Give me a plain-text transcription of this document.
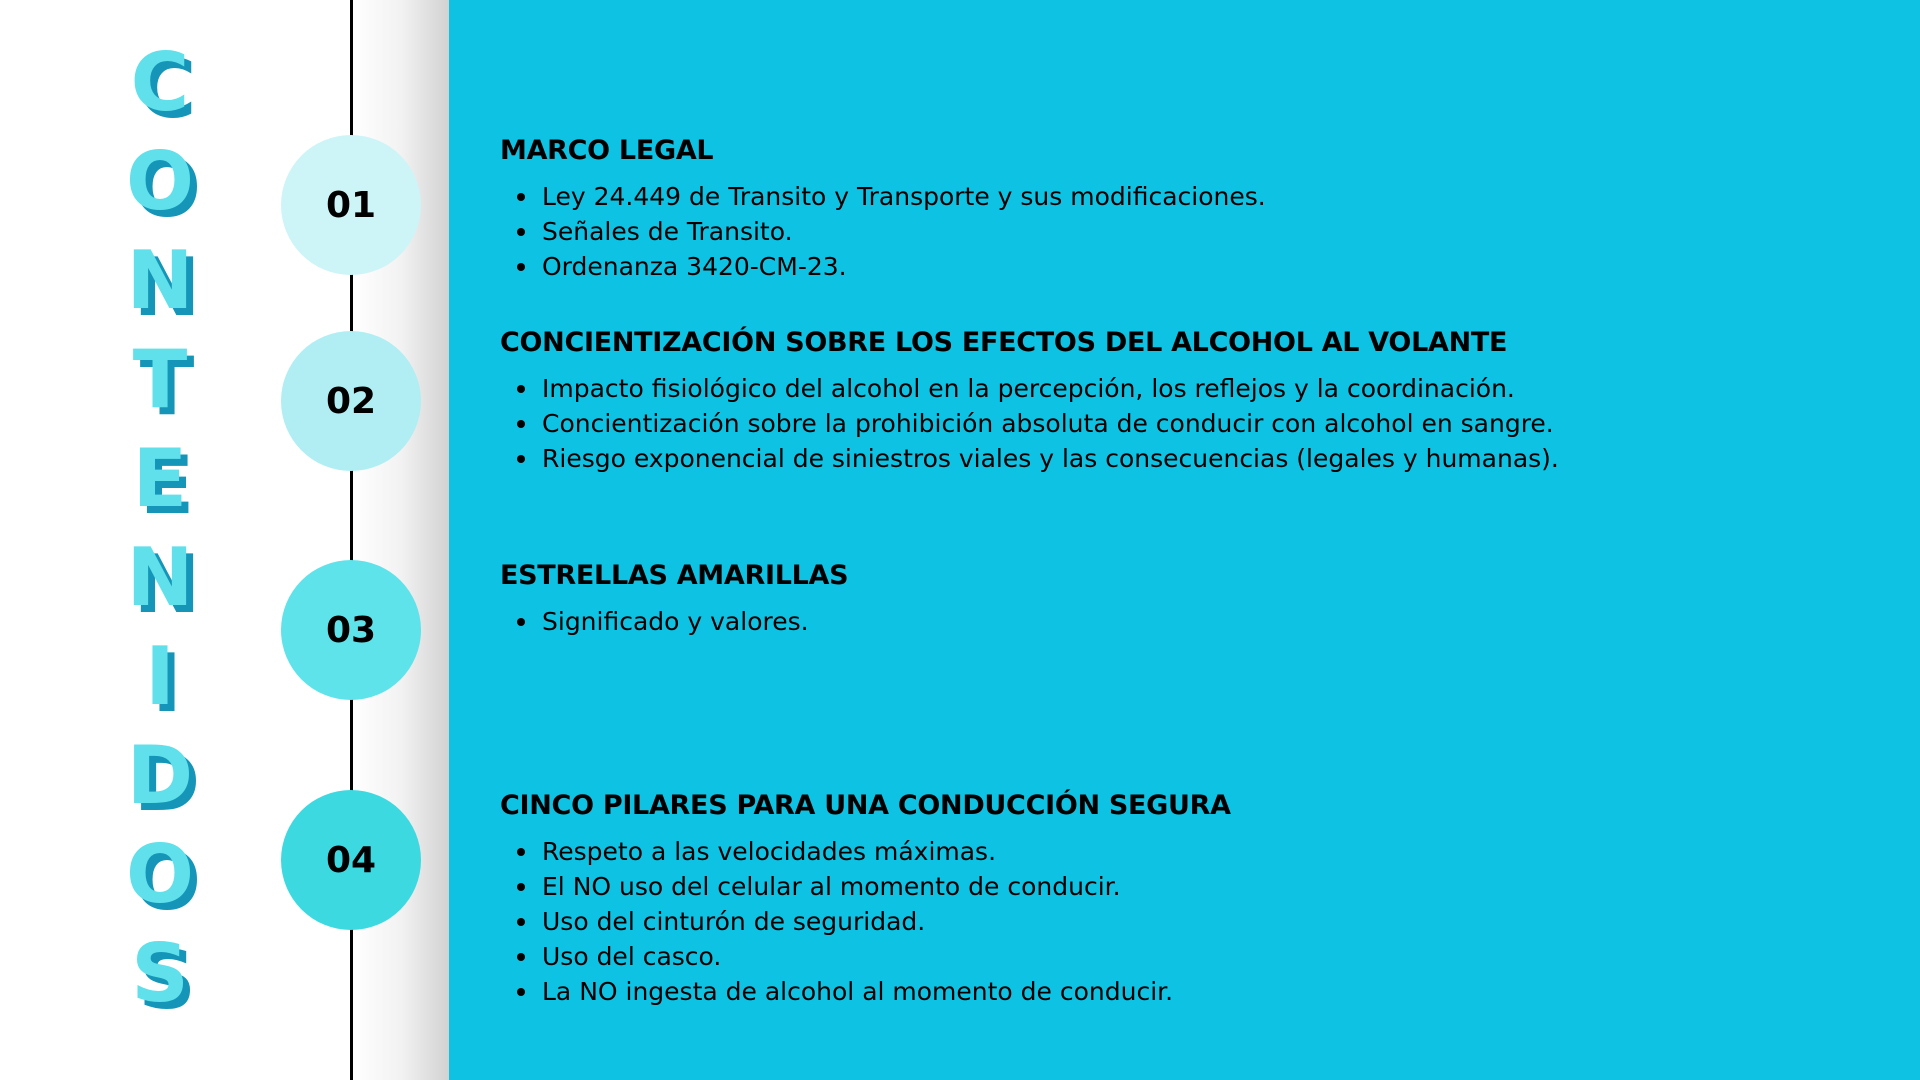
C
O
N
T
E
N
I
D
O
S
01
02
03
04
MARCO LEGAL
Ley 24.449 de Transito y Transporte y sus modificaciones.
Señales de Transito.
Ordenanza 3420-CM-23.
CONCIENTIZACIÓN SOBRE LOS EFECTOS DEL ALCOHOL AL VOLANTE
Impacto fisiológico del alcohol en la percepción, los reflejos y la coordinación.
Concientización sobre la prohibición absoluta de conducir con alcohol en sangre.
Riesgo exponencial de siniestros viales y las consecuencias (legales y humanas).
ESTRELLAS AMARILLAS
Significado y valores.
CINCO PILARES PARA UNA CONDUCCIÓN SEGURA
Respeto a las velocidades máximas.
El NO uso del celular al momento de conducir.
Uso del cinturón de seguridad.
Uso del casco.
La NO ingesta de alcohol al momento de conducir.
